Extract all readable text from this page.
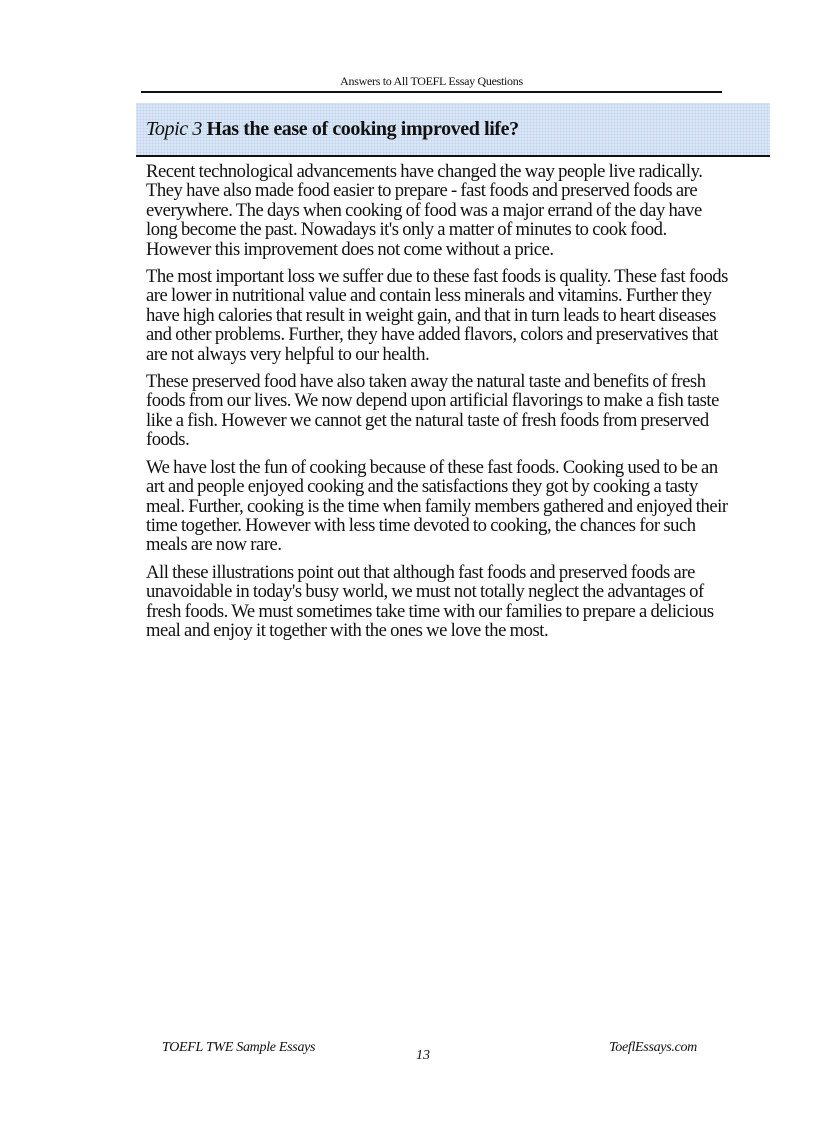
Answers to All TOEFL Essay Questions
Topic 3 Has the ease of cooking improved life?

Recent technological advancements have changed the way people live radically. They have also made food easier to prepare - fast foods and preserved foods are everywhere. The days when cooking of food was a major errand of the day have long become the past. Nowadays it's only a matter of minutes to cook food. However this improvement does not come without a price.

The most important loss we suffer due to these fast foods is quality. These fast foods are lower in nutritional value and contain less minerals and vitamins. Further they have high calories that result in weight gain, and that in turn leads to heart diseases and other problems. Further, they have added flavors, colors and preservatives that are not always very helpful to our health.

These preserved food have also taken away the natural taste and benefits of fresh foods from our lives. We now depend upon artificial flavorings to make a fish taste like a fish. However we cannot get the natural taste of fresh foods from preserved foods.

We have lost the fun of cooking because of these fast foods. Cooking used to be an art and people enjoyed cooking and the satisfactions they got by cooking a tasty meal. Further, cooking is the time when family members gathered and enjoyed their time together. However with less time devoted to cooking, the chances for such meals are now rare.

All these illustrations point out that although fast foods and preserved foods are unavoidable in today's busy world, we must not totally neglect the advantages of fresh foods. We must sometimes take time with our families to prepare a delicious meal and enjoy it together with the ones we love the most.

TOEFL TWE Sample Essays
13
ToeflEssays.com
